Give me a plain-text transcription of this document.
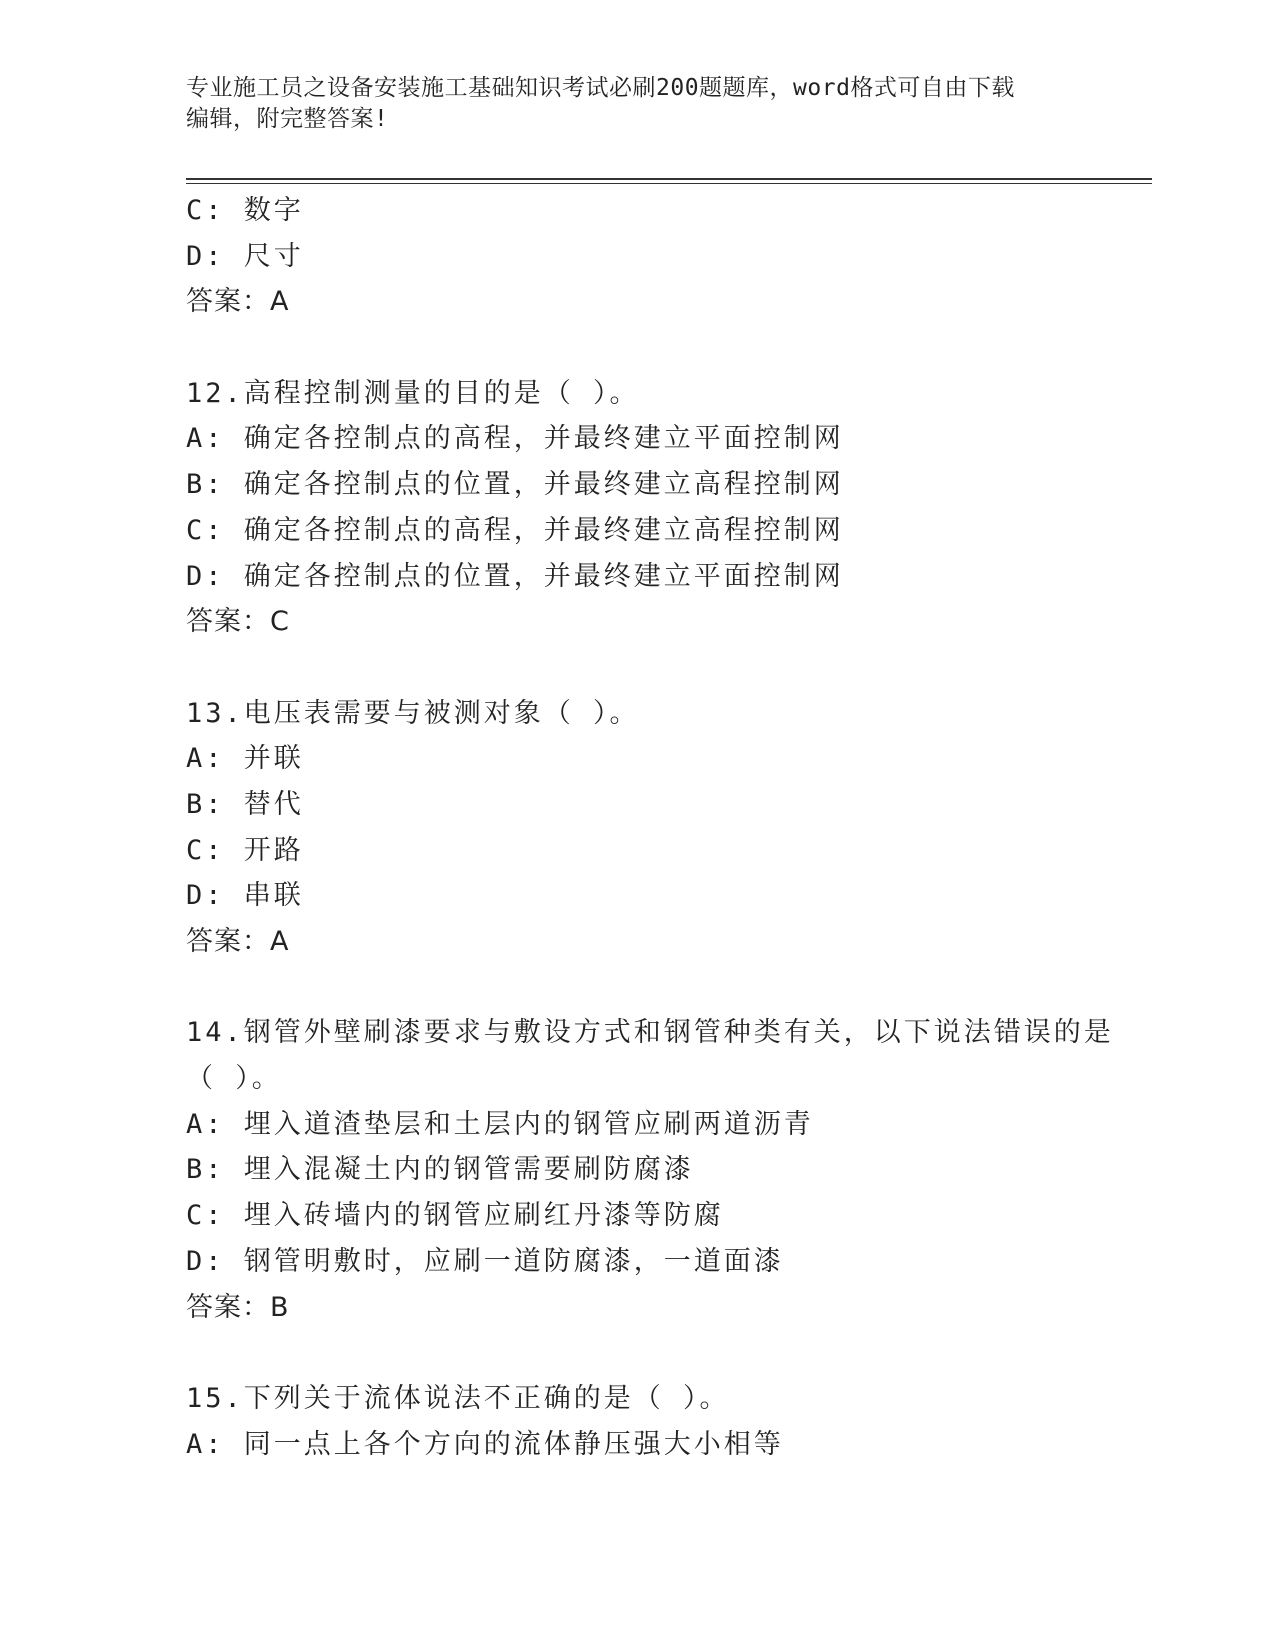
专业施工员之设备安装施工基础知识考试必刷200题题库，word格式可自由下载
编辑，附完整答案!
C: 数字
D: 尺寸
答案：A
12.高程控制测量的目的是（ ）。
A: 确定各控制点的高程，并最终建立平面控制网
B: 确定各控制点的位置，并最终建立高程控制网
C: 确定各控制点的高程，并最终建立高程控制网
D: 确定各控制点的位置，并最终建立平面控制网
答案：C
13.电压表需要与被测对象（ ）。
A: 并联
B: 替代
C: 开路
D: 串联
答案：A
14.钢管外壁刷漆要求与敷设方式和钢管种类有关，以下说法错误的是
（ ）。
A: 埋入道渣垫层和土层内的钢管应刷两道沥青
B: 埋入混凝土内的钢管需要刷防腐漆
C: 埋入砖墙内的钢管应刷红丹漆等防腐
D: 钢管明敷时，应刷一道防腐漆，一道面漆
答案：B
15.下列关于流体说法不正确的是（ ）。
A: 同一点上各个方向的流体静压强大小相等
